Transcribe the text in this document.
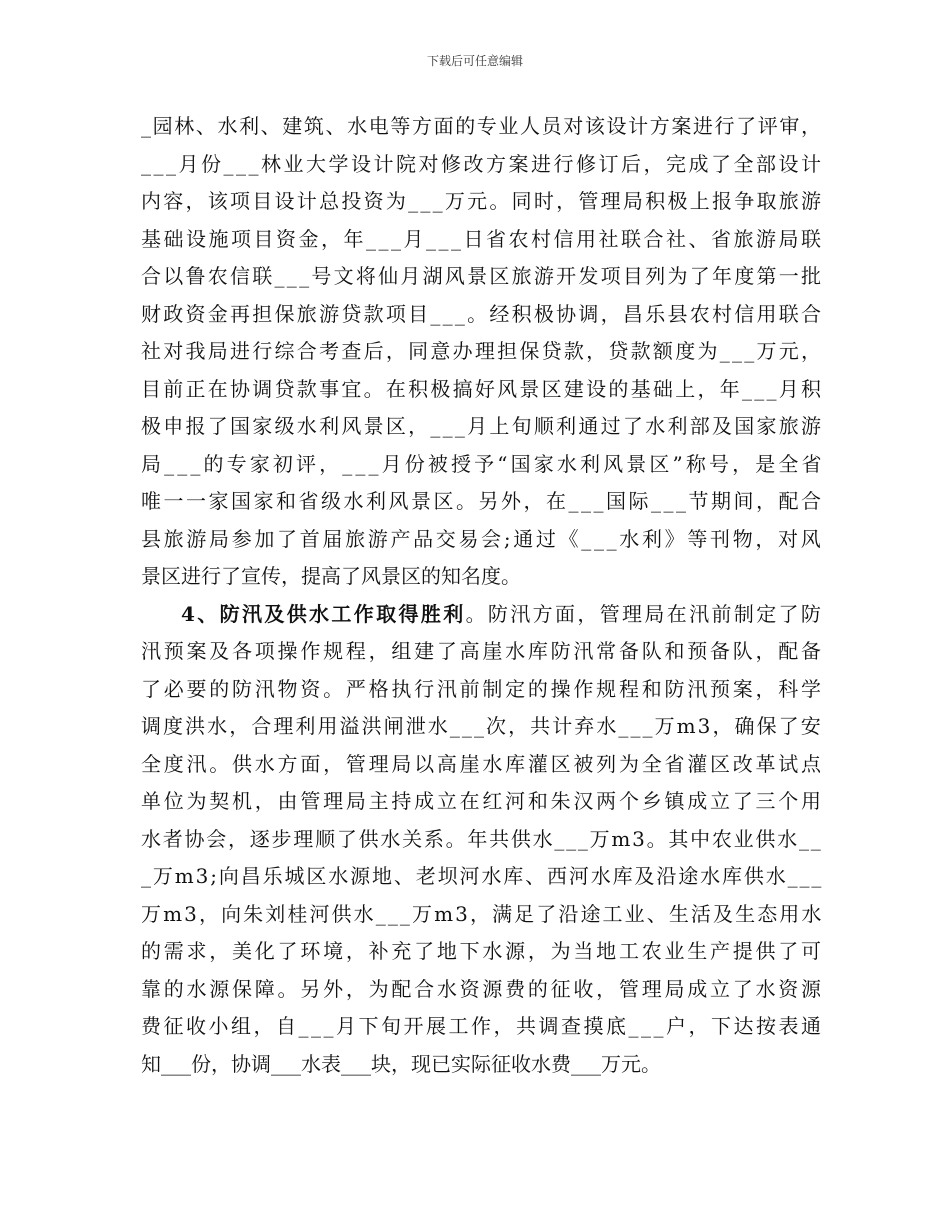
下载后可任意编辑
_园林、水利、建筑、水电等方面的专业人员对该设计方案进行了评审，
___月份___林业大学设计院对修改方案进行修订后，完成了全部设计
内容，该项目设计总投资为___万元。同时，管理局积极上报争取旅游
基础设施项目资金，年___月___日省农村信用社联合社、省旅游局联
合以鲁农信联___号文将仙月湖风景区旅游开发项目列为了年度第一批
财政资金再担保旅游贷款项目___。经积极协调，昌乐县农村信用联合
社对我局进行综合考查后，同意办理担保贷款，贷款额度为___万元，
目前正在协调贷款事宜。在积极搞好风景区建设的基础上，年___月积
极申报了国家级水利风景区，___月上旬顺利通过了水利部及国家旅游
局___的专家初评，___月份被授予“国家水利风景区”称号，是全省
唯一一家国家和省级水利风景区。另外，在___国际___节期间，配合
县旅游局参加了首届旅游产品交易会;通过《___水利》等刊物，对风
景区进行了宣传，提高了风景区的知名度。
4、防汛及供水工作取得胜利。防汛方面，管理局在汛前制定了防
汛预案及各项操作规程，组建了高崖水库防汛常备队和预备队，配备
了必要的防汛物资。严格执行汛前制定的操作规程和防汛预案，科学
调度洪水，合理利用溢洪闸泄水___次，共计弃水___万m3，确保了安
全度汛。供水方面，管理局以高崖水库灌区被列为全省灌区改革试点
单位为契机，由管理局主持成立在红河和朱汉两个乡镇成立了三个用
水者协会，逐步理顺了供水关系。年共供水___万m3。其中农业供水__
_万m3;向昌乐城区水源地、老坝河水库、西河水库及沿途水库供水___
万m3，向朱刘桂河供水___万m3，满足了沿途工业、生活及生态用水
的需求，美化了环境，补充了地下水源，为当地工农业生产提供了可
靠的水源保障。另外，为配合水资源费的征收，管理局成立了水资源
费征收小组，自___月下旬开展工作，共调查摸底___户，下达按表通
知___份，协调___水表___块，现已实际征收水费___万元。
